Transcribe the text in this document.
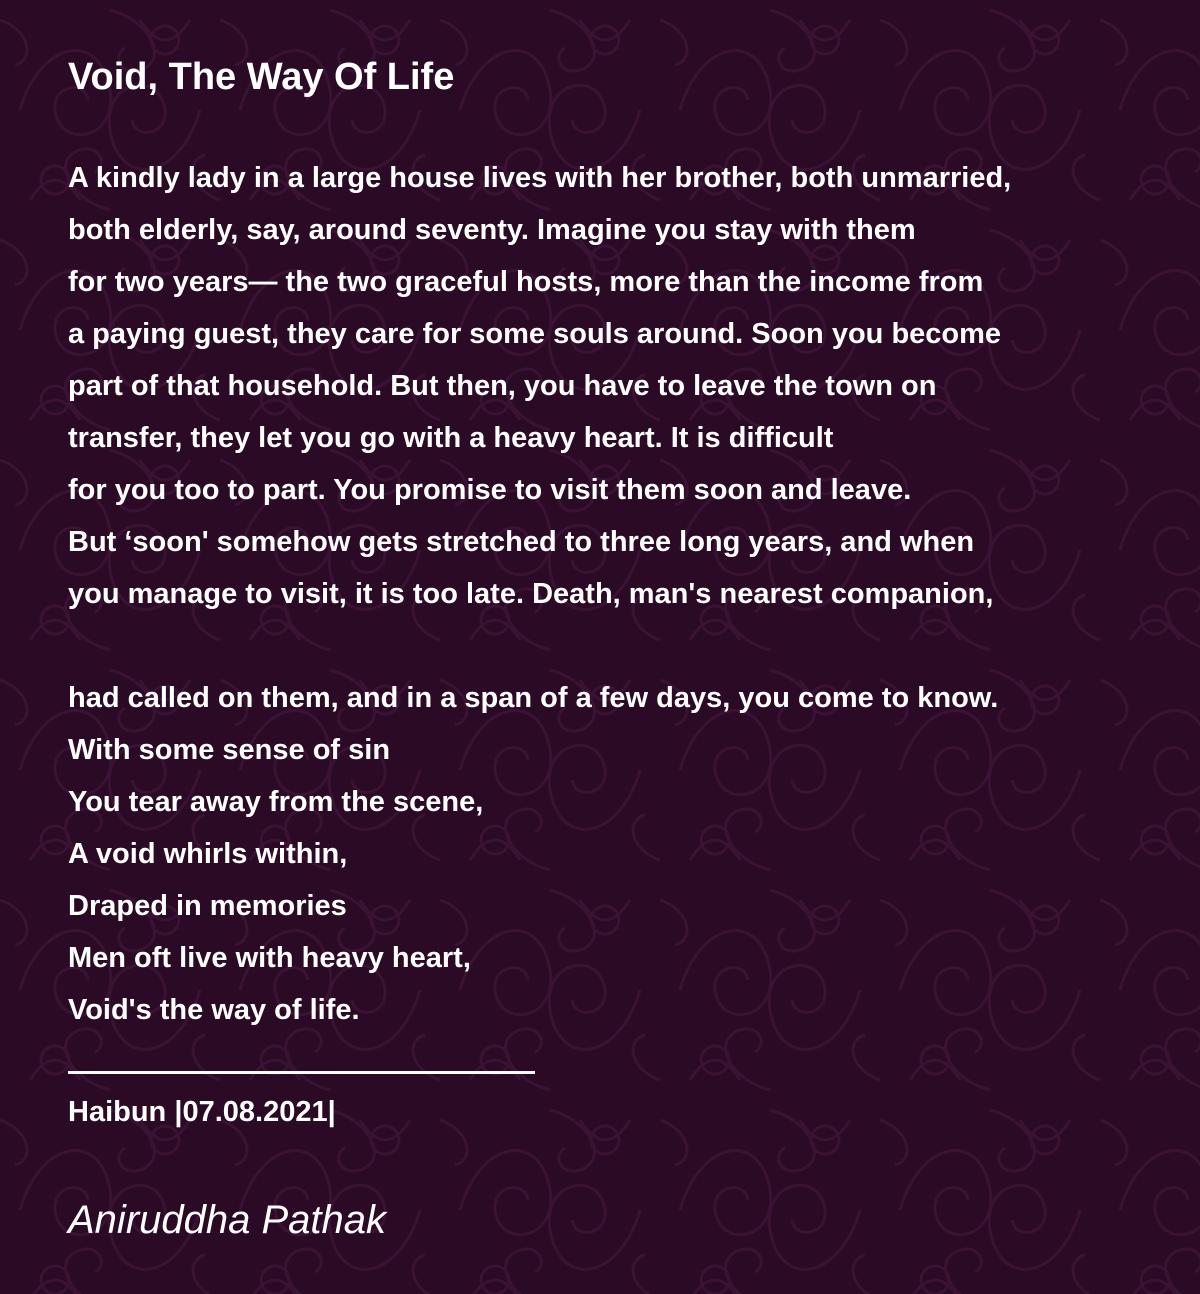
Void, The Way Of Life
A kindly lady in a large house lives with her brother, both unmarried,
both elderly, say, around seventy. Imagine you stay with them
for two years— the two graceful hosts, more than the income from
a paying guest, they care for some souls around. Soon you become
part of that household. But then, you have to leave the town on
transfer, they let you go with a heavy heart. It is difficult
for you too to part. You promise to visit them soon and leave.
But ‘soon' somehow gets stretched to three long years, and when
you manage to visit, it is too late. Death, man's nearest companion,
had called on them, and in a span of a few days, you come to know.
With some sense of sin
You tear away from the scene,
A void whirls within,
Draped in memories
Men oft live with heavy heart,
Void's the way of life.
Haibun |07.08.2021|
Aniruddha Pathak
